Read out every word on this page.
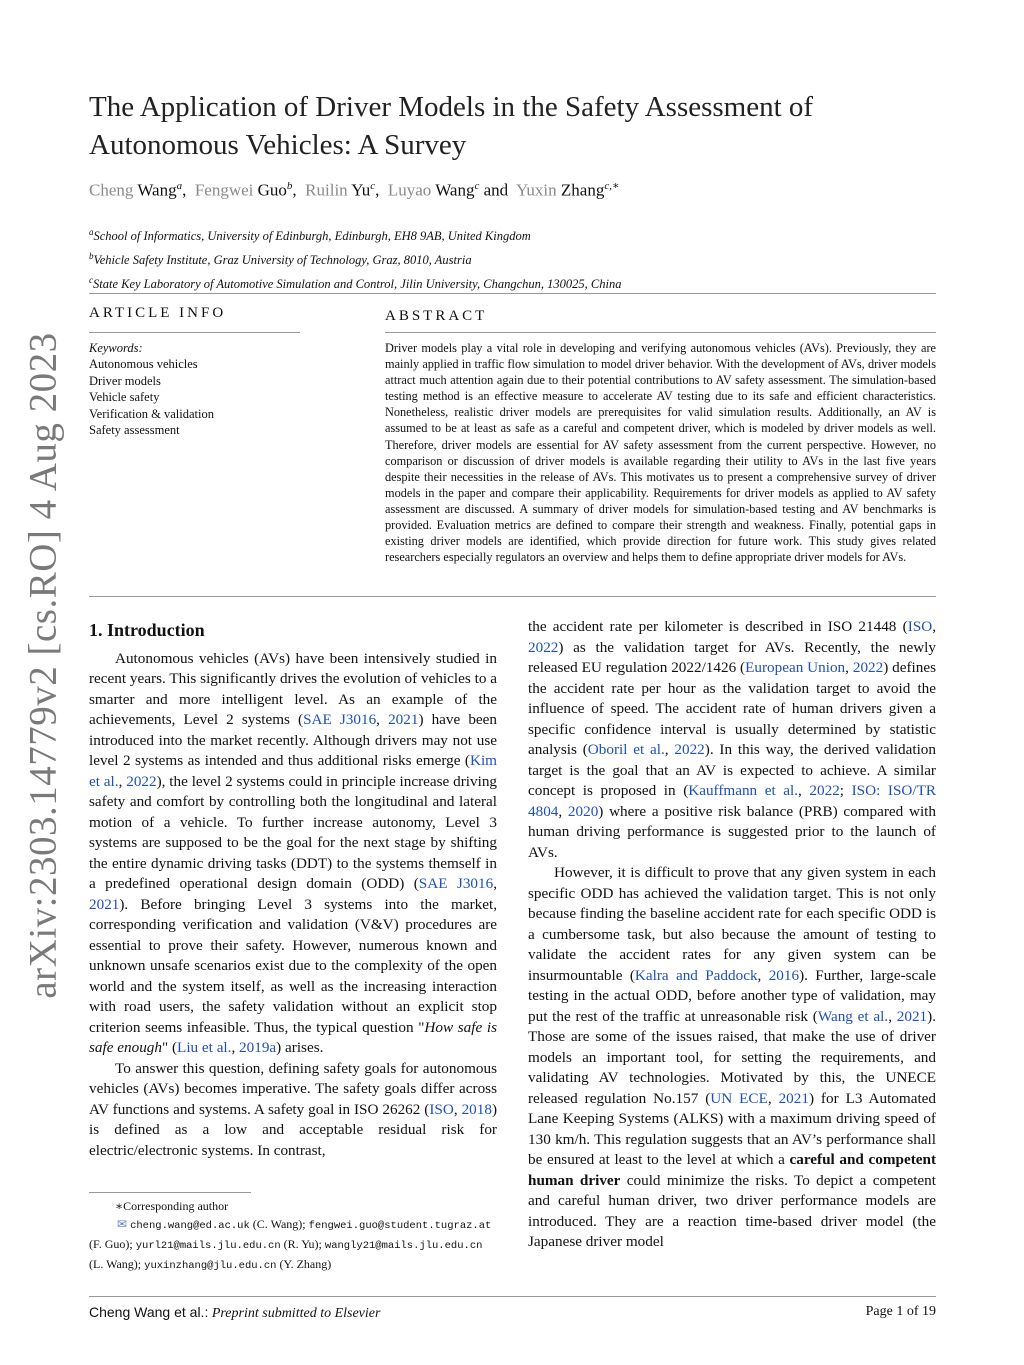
arXiv:2303.14779v2 [cs.RO] 4 Aug 2023
The Application of Driver Models in the Safety Assessment of Autonomous Vehicles: A Survey
Cheng Wang$^a$,  Fengwei Guo$^b$,  Ruilin Yu$^c$,  Luyao Wang$^c$ and Yuxin Zhang$^{c,∗}$
$^a$School of Informatics, University of Edinburgh, Edinburgh, EH8 9AB, United Kingdom
$^b$Vehicle Safety Institute, Graz University of Technology, Graz, 8010, Austria
$^c$State Key Laboratory of Automotive Simulation and Control, Jilin University, Changchun, 130025, China
ARTICLE INFO	ABSTRACT
Keywords:
Autonomous vehicles
Driver models
Vehicle safety
Verification & validation
Safety assessment

Driver models play a vital role in developing and verifying autonomous vehicles (AVs). Previously, they are mainly applied in traffic flow simulation to model driver behavior. With the development of AVs, driver models attract much attention again due to their potential contributions to AV safety assessment. The simulation-based testing method is an effective measure to accelerate AV testing due to its safe and efficient characteristics. Nonetheless, realistic driver models are prerequisites for valid simulation results. Additionally, an AV is assumed to be at least as safe as a careful and competent driver, which is modeled by driver models as well. Therefore, driver models are essential for AV safety assessment from the current perspective. However, no comparison or discussion of driver models is available regarding their utility to AVs in the last five years despite their necessities in the release of AVs. This motivates us to present a comprehensive survey of driver models in the paper and compare their applicability. Requirements for driver models as applied to AV safety assessment are discussed. A summary of driver models for simulation-based testing and AV benchmarks is provided. Evaluation metrics are defined to compare their strength and weakness. Finally, potential gaps in existing driver models are identified, which provide direction for future work. This study gives related researchers especially regulators an overview and helps them to define appropriate driver models for AVs.

1. Introduction

Autonomous vehicles (AVs) have been intensively studied in recent years. This significantly drives the evolution of vehicles to a smarter and more intelligent level. As an example of the achievements, Level 2 systems (SAE J3016, 2021) have been introduced into the market recently. Although drivers may not use level 2 systems as intended and thus additional risks emerge (Kim et al., 2022), the level 2 systems could in principle increase driving safety and comfort by controlling both the longitudinal and lateral motion of a vehicle. To further increase autonomy, Level 3 systems are supposed to be the goal for the next stage by shifting the entire dynamic driving tasks (DDT) to the systems themself in a predefined operational design domain (ODD) (SAE J3016, 2021). Before bringing Level 3 systems into the market, corresponding verification and validation (V&V) procedures are essential to prove their safety. However, numerous known and unknown unsafe scenarios exist due to the complexity of the open world and the system itself, as well as the increasing interaction with road users, the safety validation without an explicit stop criterion seems infeasible. Thus, the typical question "How safe is safe enough" (Liu et al., 2019a) arises.

To answer this question, defining safety goals for autonomous vehicles (AVs) becomes imperative. The safety goals differ across AV functions and systems. A safety goal in ISO 26262 (ISO, 2018) is defined as a low and acceptable residual risk for electric/electronic systems. In contrast,

∗Corresponding author
✉ cheng.wang@ed.ac.uk (C. Wang); fengwei.guo@student.tugraz.at (F. Guo); yurl21@mails.jlu.edu.cn (R. Yu); wangly21@mails.jlu.edu.cn (L. Wang); yuxinzhang@jlu.edu.cn (Y. Zhang)

the accident rate per kilometer is described in ISO 21448 (ISO, 2022) as the validation target for AVs. Recently, the newly released EU regulation 2022/1426 (European Union, 2022) defines the accident rate per hour as the validation target to avoid the influence of speed. The accident rate of human drivers given a specific confidence interval is usually determined by statistic analysis (Oboril et al., 2022). In this way, the derived validation target is the goal that an AV is expected to achieve. A similar concept is proposed in (Kauffmann et al., 2022; ISO: ISO/TR 4804, 2020) where a positive risk balance (PRB) compared with human driving performance is suggested prior to the launch of AVs.

However, it is difficult to prove that any given system in each specific ODD has achieved the validation target. This is not only because finding the baseline accident rate for each specific ODD is a cumbersome task, but also because the amount of testing to validate the accident rates for any given system can be insurmountable (Kalra and Paddock, 2016). Further, large-scale testing in the actual ODD, before another type of validation, may put the rest of the traffic at unreasonable risk (Wang et al., 2021). Those are some of the issues raised, that make the use of driver models an important tool, for setting the requirements, and validating AV technologies. Motivated by this, the UNECE released regulation No.157 (UN ECE, 2021) for L3 Automated Lane Keeping Systems (ALKS) with a maximum driving speed of 130 km/h. This regulation suggests that an AV’s performance shall be ensured at least to the level at which a careful and competent human driver could minimize the risks. To depict a competent and careful human driver, two driver performance models are introduced. They are a reaction time-based driver model (the Japanese driver model

Cheng Wang et al.: Preprint submitted to Elsevier	Page 1 of 19
